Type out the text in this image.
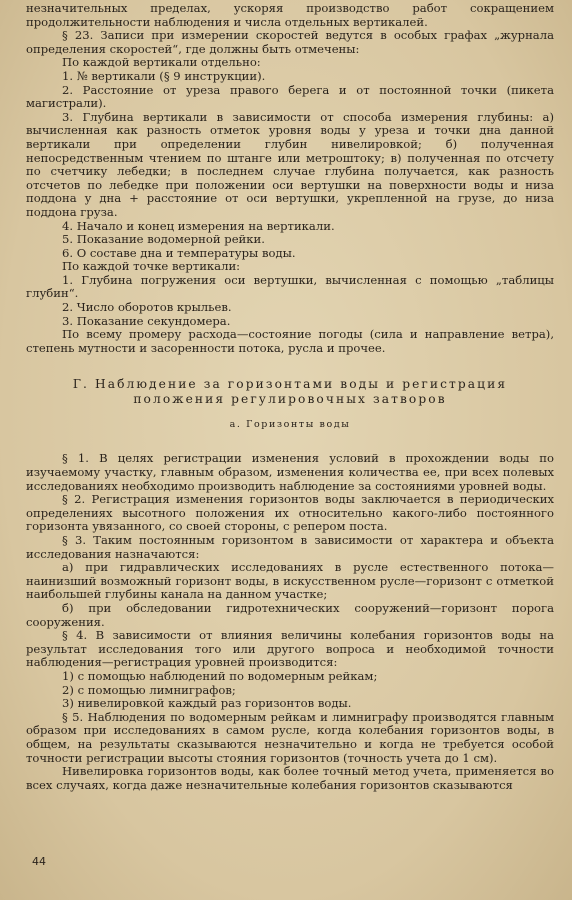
незначительных пределах, ускоряя производство работ сокращением продолжительности наблюдения и числа отдельных вертикалей.

§ 23. Записи при измерении скоростей ведутся в особых графах „журнала определения скоростей“, где должны быть отмечены:

По каждой вертикали отдельно:

1. № вертикали (§ 9 инструкции).

2. Расстояние от уреза правого берега и от постоянной точки (пикета магистрали).

3. Глубина вертикали в зависимости от способа измерения глубины: а) вычисленная как разность отметок уровня воды у уреза и точки дна данной вертикали при определении глубин нивелировкой; б) полученная непосредственным чтением по штанге или метроштоку; в) полученная по отсчету по счетчику лебедки; в последнем случае глубина получается, как разность отсчетов по лебедке при положении оси вертушки на поверхности воды и низа поддона у дна + расстояние от оси вертушки, укрепленной на грузе, до низа поддона груза.

4. Начало и конец измерения на вертикали.

5. Показание водомерной рейки.

6. О составе дна и температуры воды.

По каждой точке вертикали:

1. Глубина погружения оси вертушки, вычисленная с помощью „таблицы глубин“.

2. Число оборотов крыльев.

3. Показание секундомера.

По всему промеру расхода—состояние погоды (сила и направление ветра), степень мутности и засоренности потока, русла и прочее.

Г. Наблюдение за горизонтами воды и регистрация положения регулировочных затворов
а. Горизонты воды

§ 1. В целях регистрации изменения условий в прохождении воды по изучаемому участку, главным образом, изменения количества ее, при всех полевых исследованиях необходимо производить наблюдение за состояниями уровней воды.

§ 2. Регистрация изменения горизонтов воды заключается в периодических определениях высотного положения их относительно какого-либо постоянного горизонта увязанного, со своей стороны, с репером поста.

§ 3. Таким постоянным горизонтом в зависимости от характера и объекта исследования назначаются:

а) при гидравлических исследованиях в русле естественного потока—наинизший возможный горизонт воды, в искусственном русле—горизонт с отметкой наибольшей глубины канала на данном участке;

б) при обследовании гидротехнических сооружений—горизонт порога сооружения.

§ 4. В зависимости от влияния величины колебания горизонтов воды на результат исследования того или другого вопроса и необходимой точности наблюдения—регистрация уровней производится:

1) с помощью наблюдений по водомерным рейкам;

2) с помощью лимниграфов;

3) нивелировкой каждый раз горизонтов воды.

§ 5. Наблюдения по водомерным рейкам и лимниграфу производятся главным образом при исследованиях в самом русле, когда колебания горизонтов воды, в общем, на результаты сказываются незначительно и когда не требуется особой точности регистрации высоты стояния горизонтов (точность учета до 1 см).

Нивелировка горизонтов воды, как более точный метод учета, применяется во всех случаях, когда даже незначительные колебания горизонтов сказываются

44
